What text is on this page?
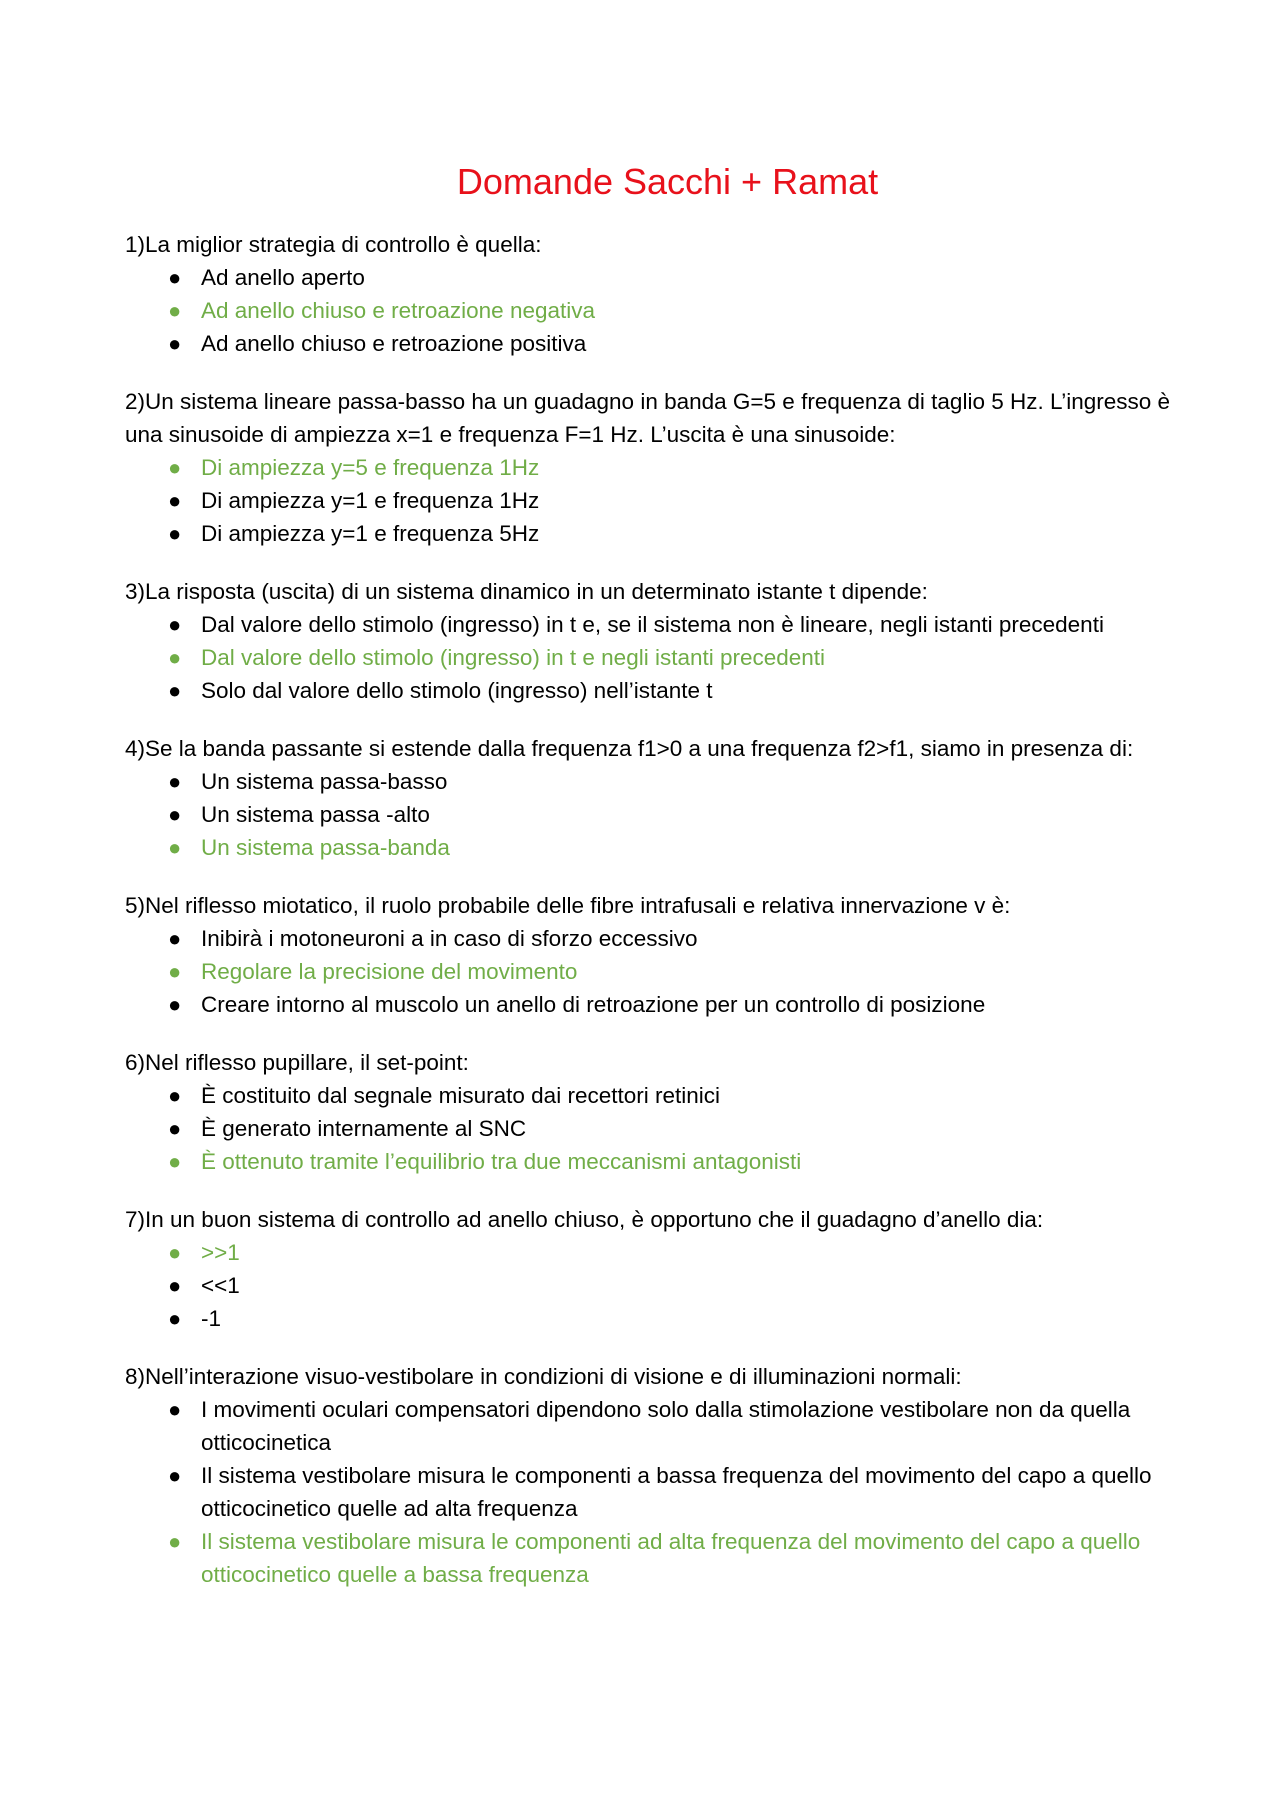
Domande Sacchi + Ramat

1)La miglior strategia di controllo è quella:

● Ad anello aperto
● Ad anello chiuso e retroazione negativa
● Ad anello chiuso e retroazione positiva

2)Un sistema lineare passa-basso ha un guadagno in banda G=5 e frequenza di taglio 5 Hz. L’ingresso è una sinusoide di ampiezza x=1 e frequenza F=1 Hz. L’uscita è una sinusoide:

● Di ampiezza y=5 e frequenza 1Hz
● Di ampiezza y=1 e frequenza 1Hz
● Di ampiezza y=1 e frequenza 5Hz

3)La risposta (uscita) di un sistema dinamico in un determinato istante t dipende:

● Dal valore dello stimolo (ingresso) in t e, se il sistema non è lineare, negli istanti precedenti
● Dal valore dello stimolo (ingresso) in t e negli istanti precedenti
● Solo dal valore dello stimolo (ingresso) nell’istante t

4)Se la banda passante si estende dalla frequenza f1>0 a una frequenza f2>f1, siamo in presenza di:

● Un sistema passa-basso
● Un sistema passa -alto
● Un sistema passa-banda

5)Nel riflesso miotatico, il ruolo probabile delle fibre intrafusali e relativa innervazione v è:

● Inibirà i motoneuroni a in caso di sforzo eccessivo
● Regolare la precisione del movimento
● Creare intorno al muscolo un anello di retroazione per un controllo di posizione

6)Nel riflesso pupillare, il set-point:

● È costituito dal segnale misurato dai recettori retinici
● È generato internamente al SNC
● È ottenuto tramite l’equilibrio tra due meccanismi antagonisti

7)In un buon sistema di controllo ad anello chiuso, è opportuno che il guadagno d’anello dia:

● >>1
● <<1
● -1

8)Nell’interazione visuo-vestibolare in condizioni di visione e di illuminazioni normali:

● I movimenti oculari compensatori dipendono solo dalla stimolazione vestibolare non da quella otticocinetica
● Il sistema vestibolare misura le componenti a bassa frequenza del movimento del capo a quello otticocinetico quelle ad alta frequenza
● Il sistema vestibolare misura le componenti ad alta frequenza del movimento del capo a quello otticocinetico quelle a bassa frequenza
